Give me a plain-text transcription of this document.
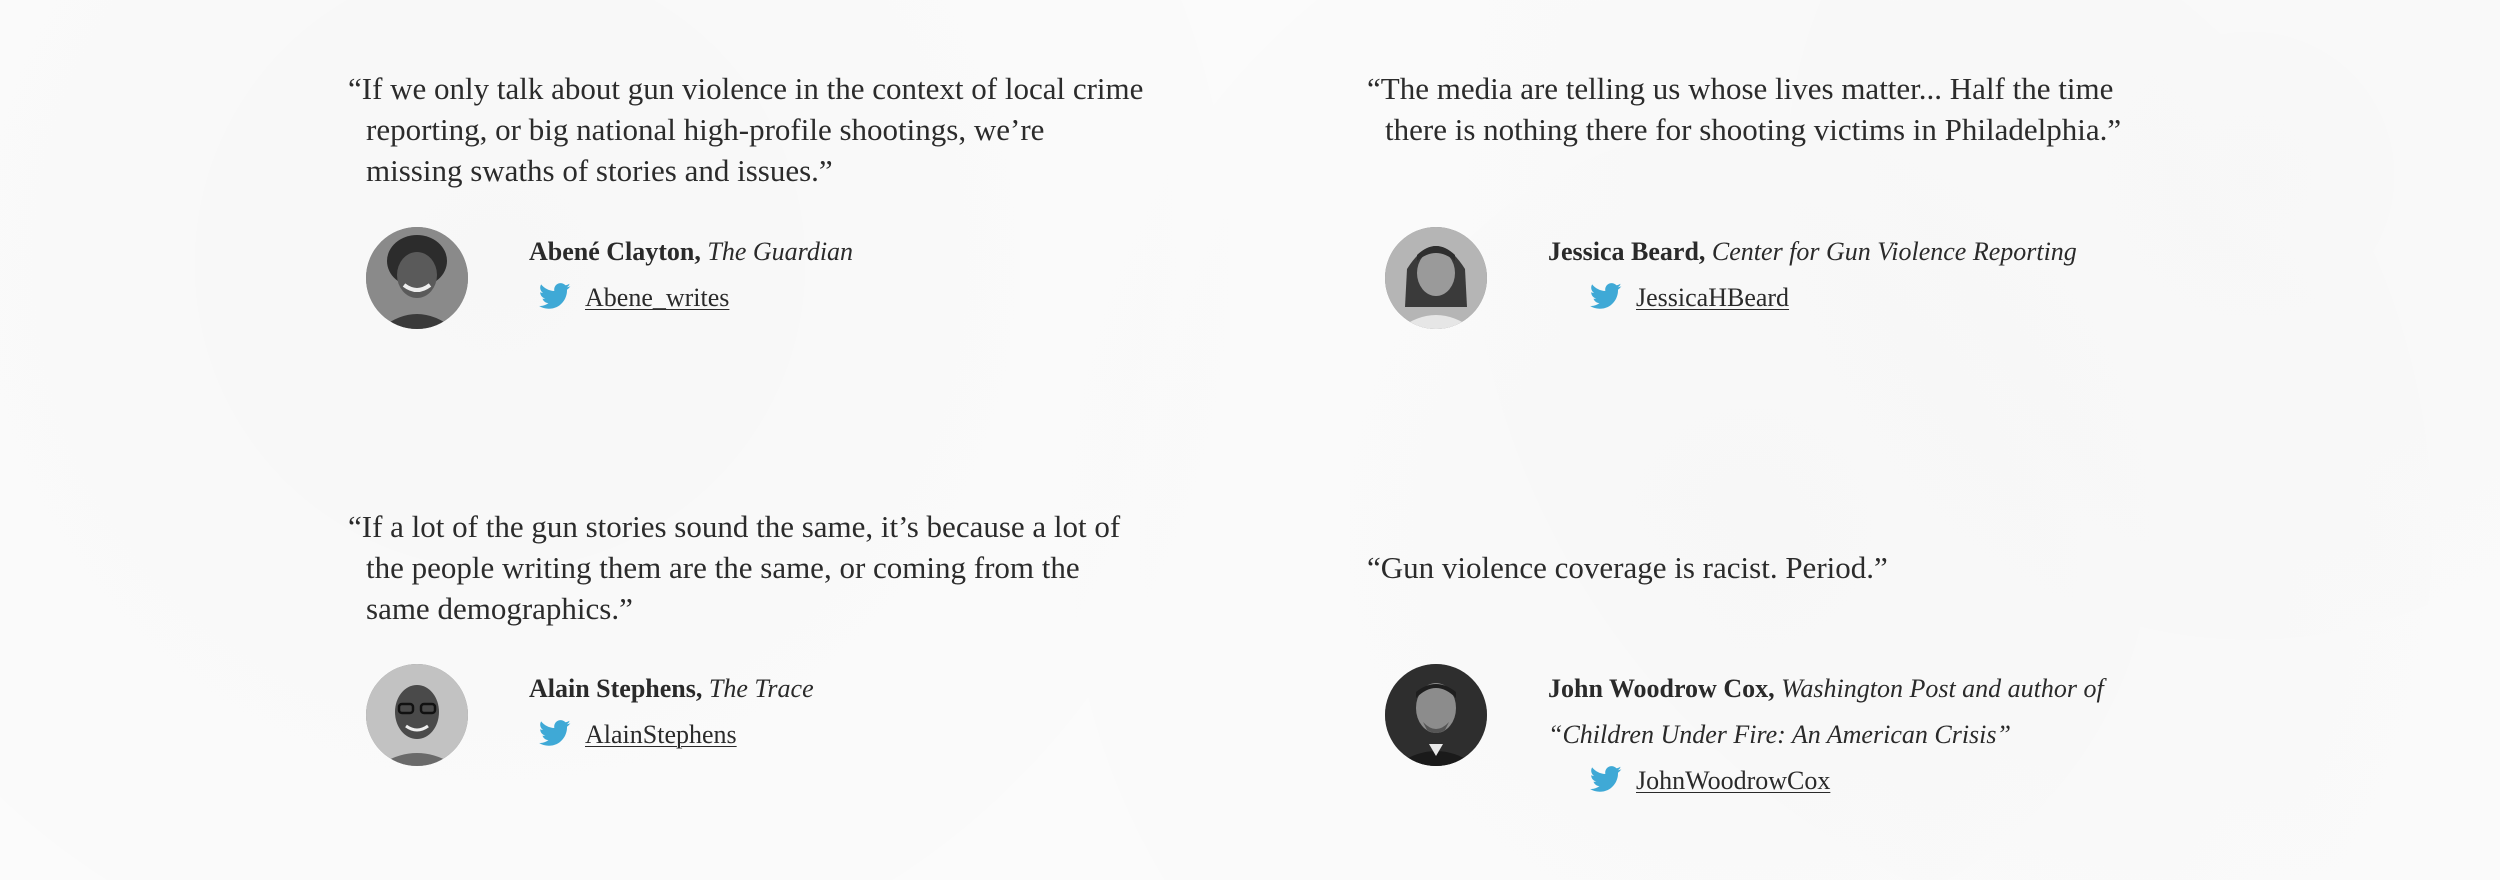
“If we only talk about gun violence in the context of local crime reporting, or big national high-profile shootings, we’re missing swaths of stories and issues.”

Abené Clayton, The Guardian

Abene_writes

“The media are telling us whose lives matter... Half the time there is nothing there for shooting victims in Philadelphia.”

Jessica Beard, Center for Gun Violence Reporting
JessicaHBeard

“If a lot of the gun stories sound the same, it’s because a lot of the people writing them are the same, or coming from the same demographics.”

Alain Stephens, The Trace

AlainStephens

“Gun violence coverage is racist. Period.”

John Woodrow Cox, Washington Post and author of “Children Under Fire: An American Crisis”
JohnWoodrowCox
